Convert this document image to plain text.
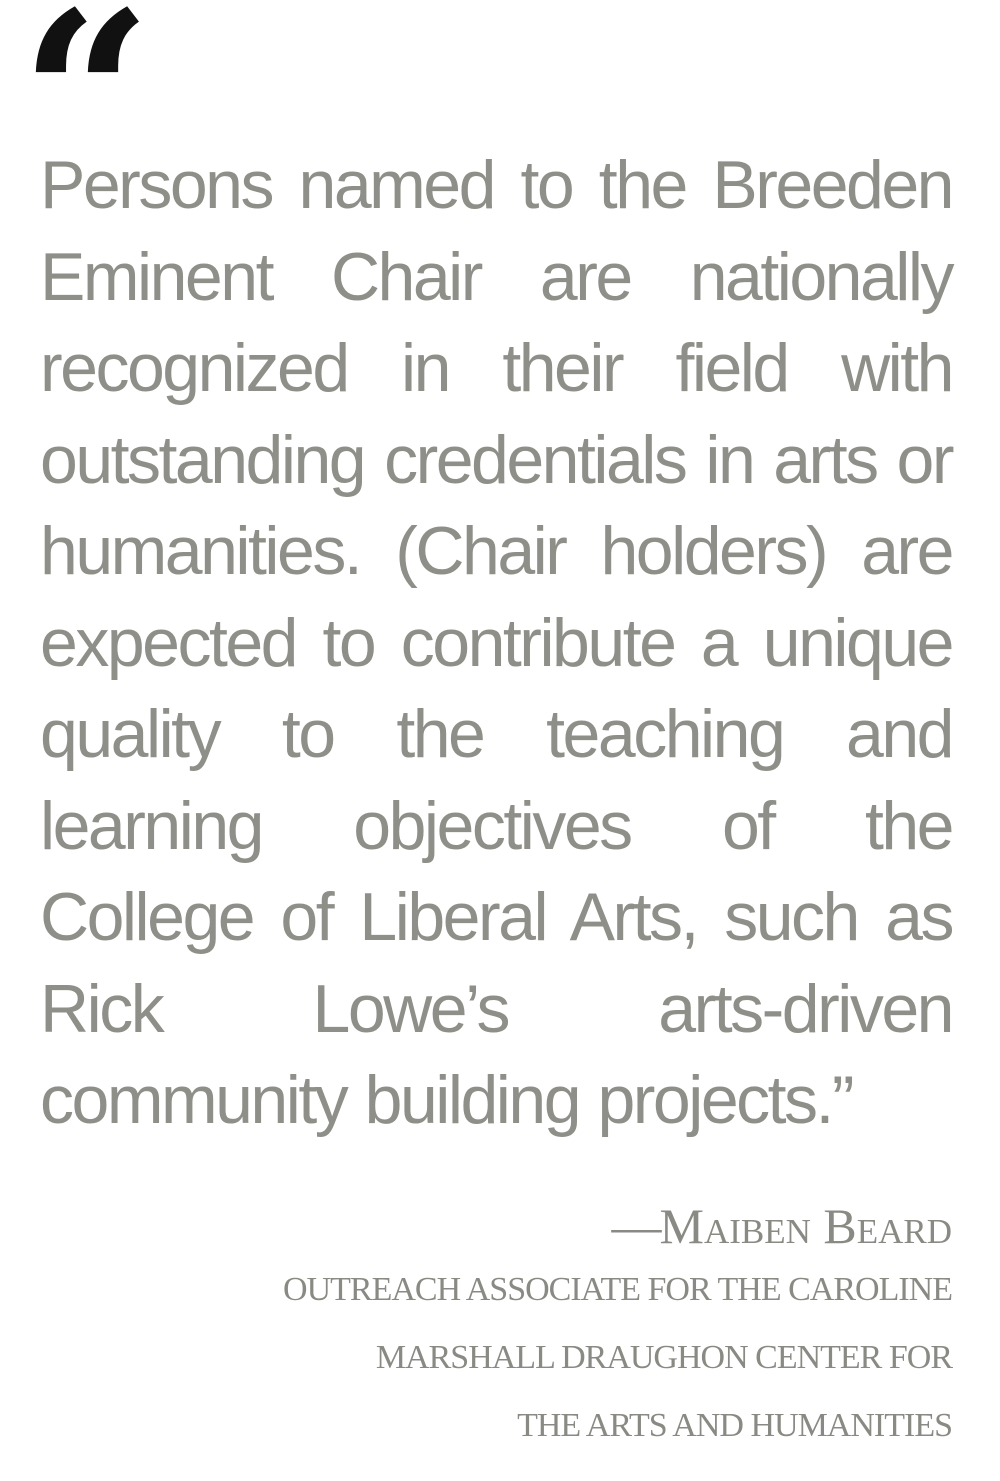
“

Persons named to the Breeden Eminent Chair are nationally recognized in their field with outstanding credentials in arts or humanities. (Chair holders) are expected to contribute a unique quality to the teaching and learning objectives of the College of Liberal Arts, such as Rick Lowe’s arts-driven community building projects.”

—Maiben Beard

OUTREACH ASSOCIATE FOR THE CAROLINE

MARSHALL DRAUGHON CENTER FOR

THE ARTS AND HUMANITIES
